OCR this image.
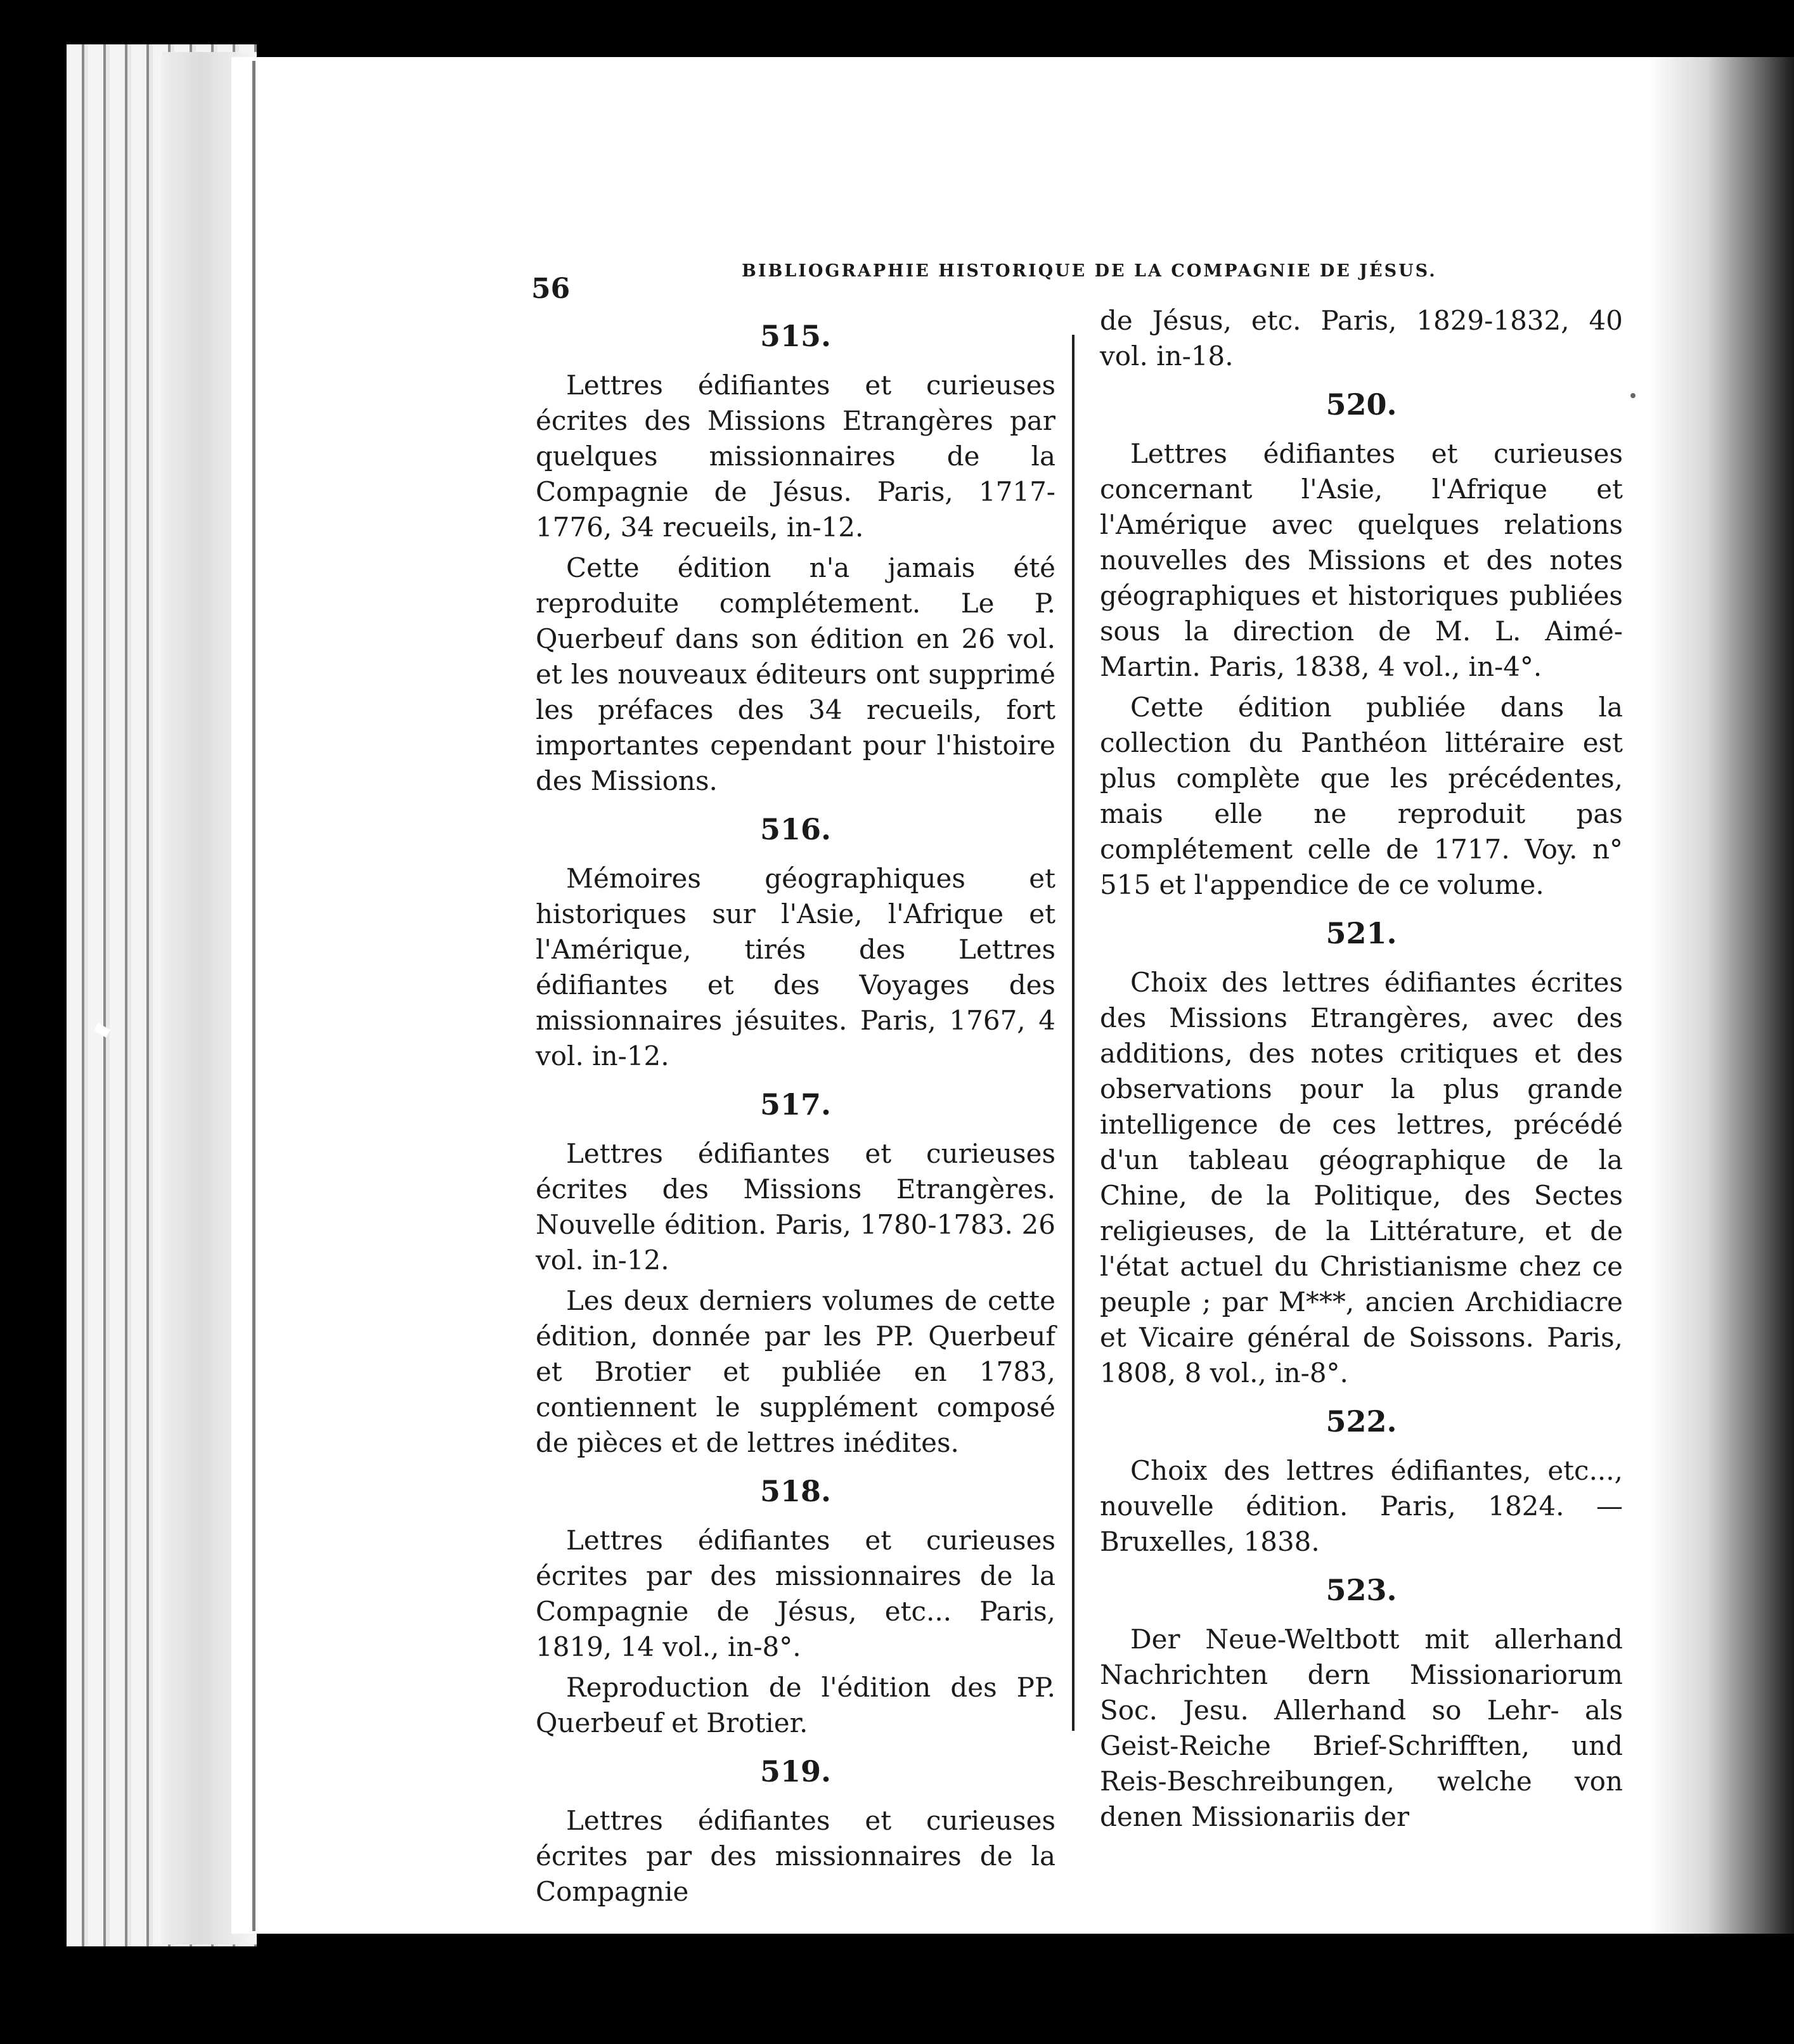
56
BIBLIOGRAPHIE HISTORIQUE DE LA COMPAGNIE DE JÉSUS.
515.

Lettres édifiantes et curieuses écrites des Missions Etrangères par quelques missionnaires de la Compagnie de Jésus. Paris, 1717-1776, 34 recueils, in-12.

Cette édition n'a jamais été reproduite complétement. Le P. Querbeuf dans son édition en 26 vol. et les nouveaux éditeurs ont supprimé les préfaces des 34 recueils, fort importantes cependant pour l'histoire des Missions.

516.

Mémoires géographiques et historiques sur l'Asie, l'Afrique et l'Amérique, tirés des Lettres édifiantes et des Voyages des missionnaires jésuites. Paris, 1767, 4 vol. in-12.

517.

Lettres édifiantes et curieuses écrites des Missions Etrangères. Nouvelle édition. Paris, 1780-1783. 26 vol. in-12.

Les deux derniers volumes de cette édition, donnée par les PP. Querbeuf et Brotier et publiée en 1783, contiennent le supplément composé de pièces et de lettres inédites.

518.

Lettres édifiantes et curieuses écrites par des missionnaires de la Compagnie de Jésus, etc... Paris, 1819, 14 vol., in-8°.

Reproduction de l'édition des PP. Querbeuf et Brotier.

519.

Lettres édifiantes et curieuses écrites par des missionnaires de la Compagnie

de Jésus, etc. Paris, 1829-1832, 40 vol. in-18.

520.

Lettres édifiantes et curieuses concernant l'Asie, l'Afrique et l'Amérique avec quelques relations nouvelles des Missions et des notes géographiques et historiques publiées sous la direction de M. L. Aimé-Martin. Paris, 1838, 4 vol., in-4°.

Cette édition publiée dans la collection du Panthéon littéraire est plus complète que les précédentes, mais elle ne reproduit pas complétement celle de 1717. Voy. n° 515 et l'appendice de ce volume.

521.

Choix des lettres édifiantes écrites des Missions Etrangères, avec des additions, des notes critiques et des observations pour la plus grande intelligence de ces lettres, précédé d'un tableau géographique de la Chine, de la Politique, des Sectes religieuses, de la Littérature, et de l'état actuel du Christianisme chez ce peuple ; par M***, ancien Archidiacre et Vicaire général de Soissons. Paris, 1808, 8 vol., in-8°.

522.

Choix des lettres édifiantes, etc..., nouvelle édition. Paris, 1824. — Bruxelles, 1838.

523.

Der Neue-Weltbott mit allerhand Nachrichten dern Missionariorum Soc. Jesu. Allerhand so Lehr- als Geist-Reiche Brief-Schrifften, und Reis-Beschreibungen, welche von denen Missionariis der
